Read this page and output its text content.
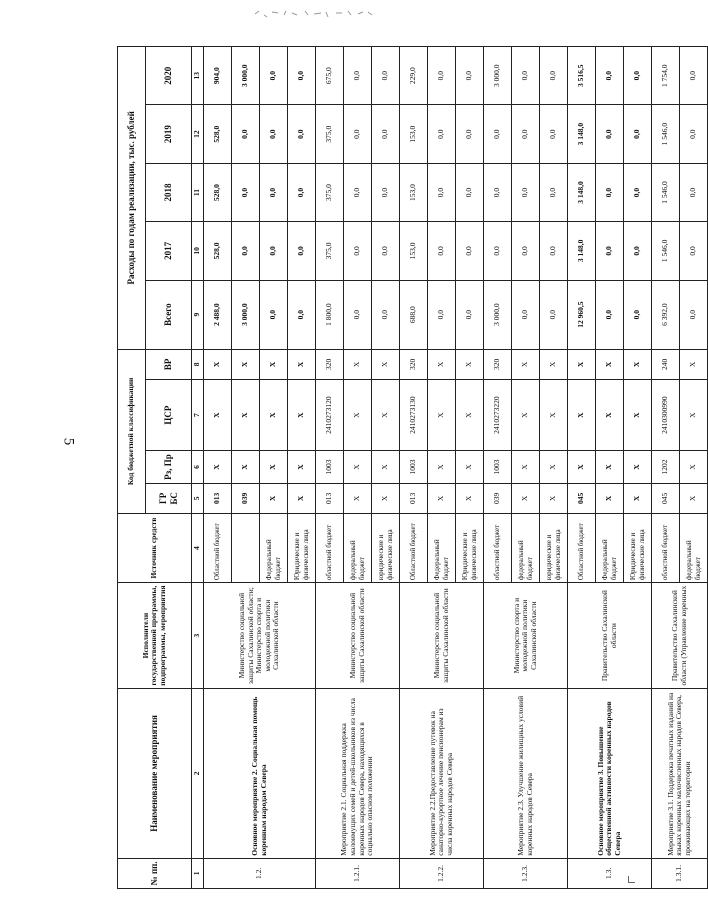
5
№ пп.	Наименование мероприятия	Исполнители государственной программы, подпрограммы, мероприятия	Источник средств	Код бюджетной классификации				Расходы по годам реализации, тыс. рублей				
				ГР БС	Рз, Пр	ЦСР	ВР	Всего	2017	2018	2019	2020
1	2	3	4	5	6	7	8	9	10	11	12	13
1.2.	Основное мероприятие 2. Социальная помощь коренным народам Севера	Министерство социальной защиты Сахалинской области; Министерство спорта и молодежной политики Сахалинской области	Областной бюджет	013	X	X	X	2 488,0	528,0	528,0	528,0	904,0
				039	X	X	X	3 000,0	0,0	0,0	0,0	3 000,0
			Федеральный бюджет	X	X	X	X	0,0	0,0	0,0	0,0	0,0
			Юридические и физические лица	X	X	X	X	0,0	0,0	0,0	0,0	0,0
1.2.1.	Мероприятие 2.1. Социальная поддержка малоимущих семей и детей-школьников из числа коренных народов Севера, находящихся в социально опасном положении	Министерство социальной защиты Сахалинской области	областной бюджет	013	1003	2410273120	320	1 800,0	375,0	375,0	375,0	675,0
			федеральный бюджет	X	X	X	X	0,0	0,0	0,0	0,0	0,0
			юридические и физические лица	X	X	X	X	0,0	0,0	0,0	0,0	0,0
1.2.2.	Мероприятие 2.2.Предоставление путевок на санаторно-курортное лечение пенсионерам из числа коренных народов Севера	Министерство социальной защиты Сахалинской области	Областной бюджет	013	1003	2410273130	320	688,0	153,0	153,0	153,0	229,0
			Федеральный бюджет	X	X	X	X	0,0	0,0	0,0	0,0	0,0
			Юридические и физические лица	X	X	X	X	0,0	0,0	0,0	0,0	0,0
1.2.3.	Мероприятие 2.3. Улучшение жилищных условий коренных народов Севера	Министерство спорта и молодежной политики Сахалинской области	областной бюджет	039	1003	2410273220	320	3 000,0	0,0	0,0	0,0	3 000,0
			федеральный бюджет	X	X	X	X	0,0	0,0	0,0	0,0	0,0
			юридические и физические лица	X	X	X	X	0,0	0,0	0,0	0,0	0,0
1.3.	Основное мероприятие 3. Повышение общественной активности коренных народов Севера	Правительство Сахалинской области	Областной бюджет	045	X	X	X	12 960,5	3 148,0	3 148,0	3 148,0	3 516,5
			Федеральный бюджет	X	X	X	X	0,0	0,0	0,0	0,0	0,0
			Юридические и физические лица	X	X	X	X	0,0	0,0	0,0	0,0	0,0
1.3.1.	Мероприятие 3.1. Поддержка печатных изданий на языках коренных малочисленных народов Севера, проживающих на территории	Правительство Сахалинской области (Управление коренных	областной бюджет	045	1202	2410300990	240	6 392,0	1 546,0	1 546,0	1 546,0	1 754,0
			федеральный бюджет	X	X	X	X	0,0	0,0	0,0	0,0	0,0
